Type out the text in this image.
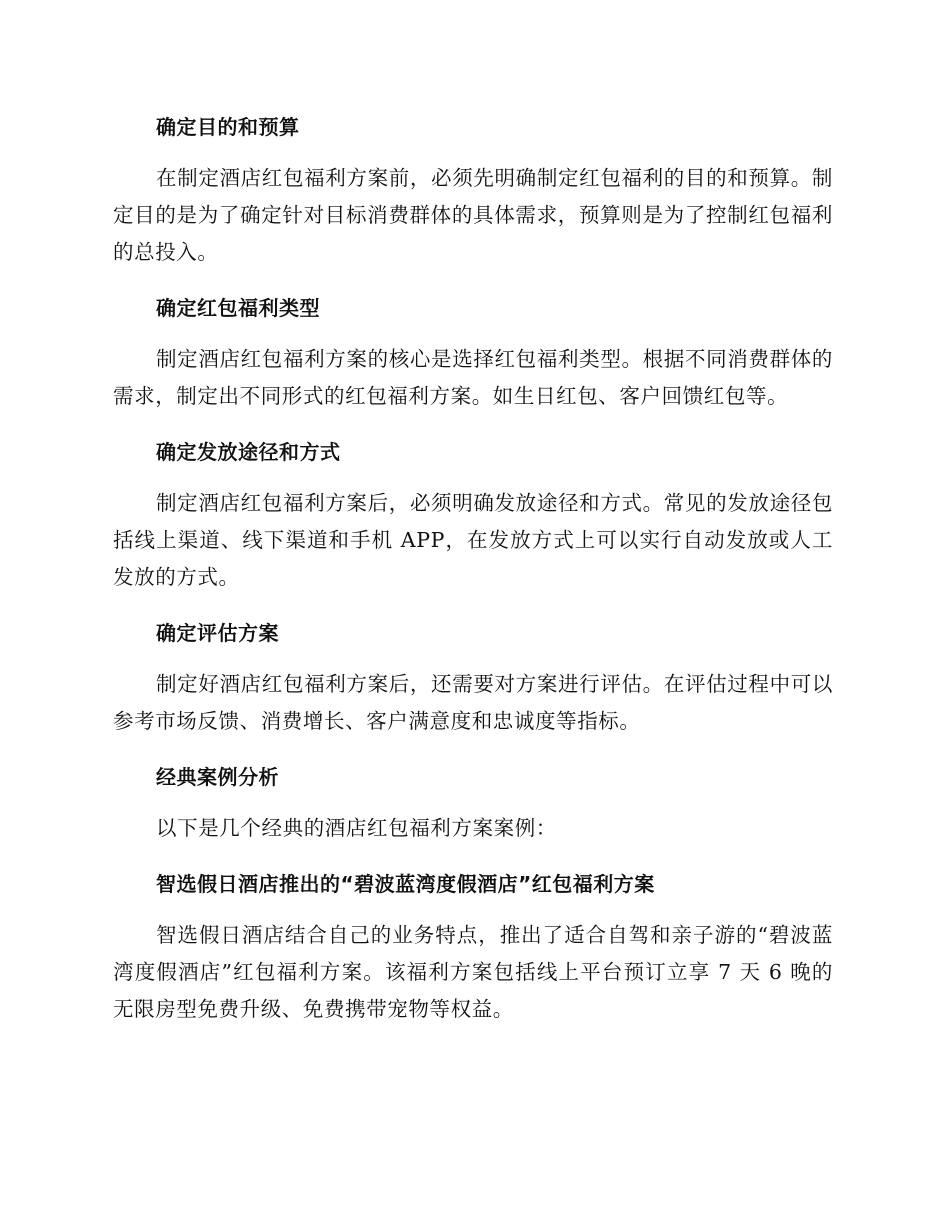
确定目的和预算

在制定酒店红包福利方案前，必须先明确制定红包福利的目的和预算。制定目的是为了确定针对目标消费群体的具体需求，预算则是为了控制红包福利的总投入。

确定红包福利类型

制定酒店红包福利方案的核心是选择红包福利类型。根据不同消费群体的需求，制定出不同形式的红包福利方案。如生日红包、客户回馈红包等。

确定发放途径和方式

制定酒店红包福利方案后，必须明确发放途径和方式。常见的发放途径包括线上渠道、线下渠道和手机 APP，在发放方式上可以实行自动发放或人工发放的方式。

确定评估方案

制定好酒店红包福利方案后，还需要对方案进行评估。在评估过程中可以参考市场反馈、消费增长、客户满意度和忠诚度等指标。

经典案例分析

以下是几个经典的酒店红包福利方案案例：

智选假日酒店推出的“碧波蓝湾度假酒店”红包福利方案

智选假日酒店结合自己的业务特点，推出了适合自驾和亲子游的“碧波蓝湾度假酒店”红包福利方案。该福利方案包括线上平台预订立享 7 天 6 晚的无限房型免费升级、免费携带宠物等权益。
